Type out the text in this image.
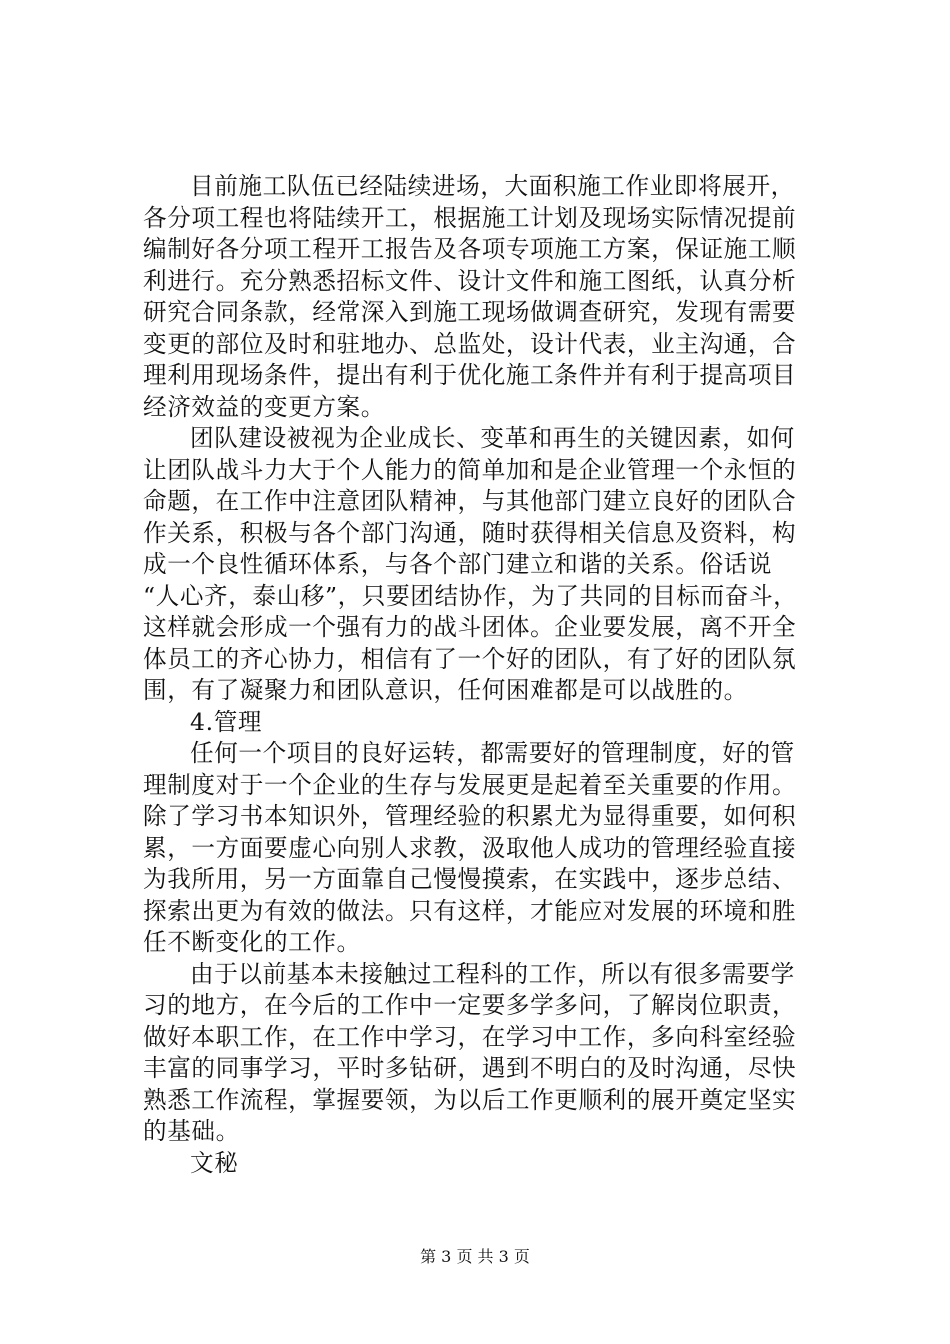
目前施工队伍已经陆续进场，大面积施工作业即将展开，
各分项工程也将陆续开工，根据施工计划及现场实际情况提前
编制好各分项工程开工报告及各项专项施工方案，保证施工顺
利进行。充分熟悉招标文件、设计文件和施工图纸，认真分析
研究合同条款，经常深入到施工现场做调查研究，发现有需要
变更的部位及时和驻地办、总监处，设计代表，业主沟通，合
理利用现场条件，提出有利于优化施工条件并有利于提高项目
经济效益的变更方案。
团队建设被视为企业成长、变革和再生的关键因素，如何
让团队战斗力大于个人能力的简单加和是企业管理一个永恒的
命题，在工作中注意团队精神，与其他部门建立良好的团队合
作关系，积极与各个部门沟通，随时获得相关信息及资料，构
成一个良性循环体系，与各个部门建立和谐的关系。俗话说
“人心齐，泰山移”，只要团结协作，为了共同的目标而奋斗，
这样就会形成一个强有力的战斗团体。企业要发展，离不开全
体员工的齐心协力，相信有了一个好的团队，有了好的团队氛
围，有了凝聚力和团队意识，任何困难都是可以战胜的。
4.管理
任何一个项目的良好运转，都需要好的管理制度，好的管
理制度对于一个企业的生存与发展更是起着至关重要的作用。
除了学习书本知识外，管理经验的积累尤为显得重要，如何积
累，一方面要虚心向别人求教，汲取他人成功的管理经验直接
为我所用，另一方面靠自己慢慢摸索，在实践中，逐步总结、
探索出更为有效的做法。只有这样，才能应对发展的环境和胜
任不断变化的工作。
由于以前基本未接触过工程科的工作，所以有很多需要学
习的地方，在今后的工作中一定要多学多问，了解岗位职责，
做好本职工作，在工作中学习，在学习中工作，多向科室经验
丰富的同事学习，平时多钻研，遇到不明白的及时沟通，尽快
熟悉工作流程，掌握要领，为以后工作更顺利的展开奠定坚实
的基础。
文秘
第 3 页 共 3 页
